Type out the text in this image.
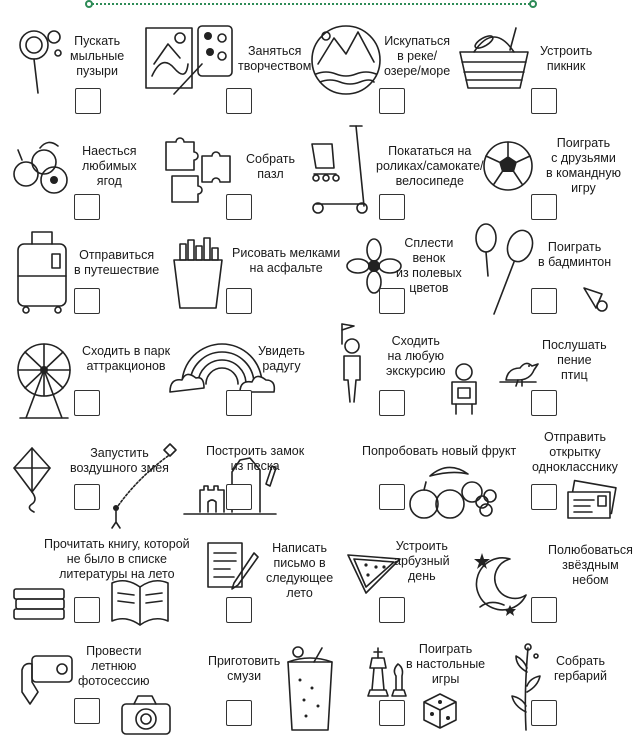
Пускать
мыльные
пузыри
Заняться
творчеством
Искупаться
в реке/
озере/море
Устроить
пикник
Наесться
любимых
ягод
Собрать
пазл
Покататься на
роликах/самокате/
велосипеде
Поиграть
с друзьями
в командную
игру
Отправиться
в путешествие
Рисовать мелками
на асфальте
Сплести
венок
из полевых
цветов
Поиграть
в бадминтон
Сходить в парк
аттракционов
Увидеть
радугу
Сходить
на любую
экскурсию
Послушать
пение
птиц
Запустить
воздушного змея
Построить замок
из песка
Попробовать новый фрукт
Отправить
открытку
однокласснику
Прочитать книгу, которой
не было в списке
литературы на лето
Написать
письмо в
следующее
лето
Устроить
арбузный
день
Полюбоваться
звёздным
небом
Провести
летнюю
фотосессию
Приготовить
смузи
Поиграть
в настольные
игры
Собрать
гербарий
